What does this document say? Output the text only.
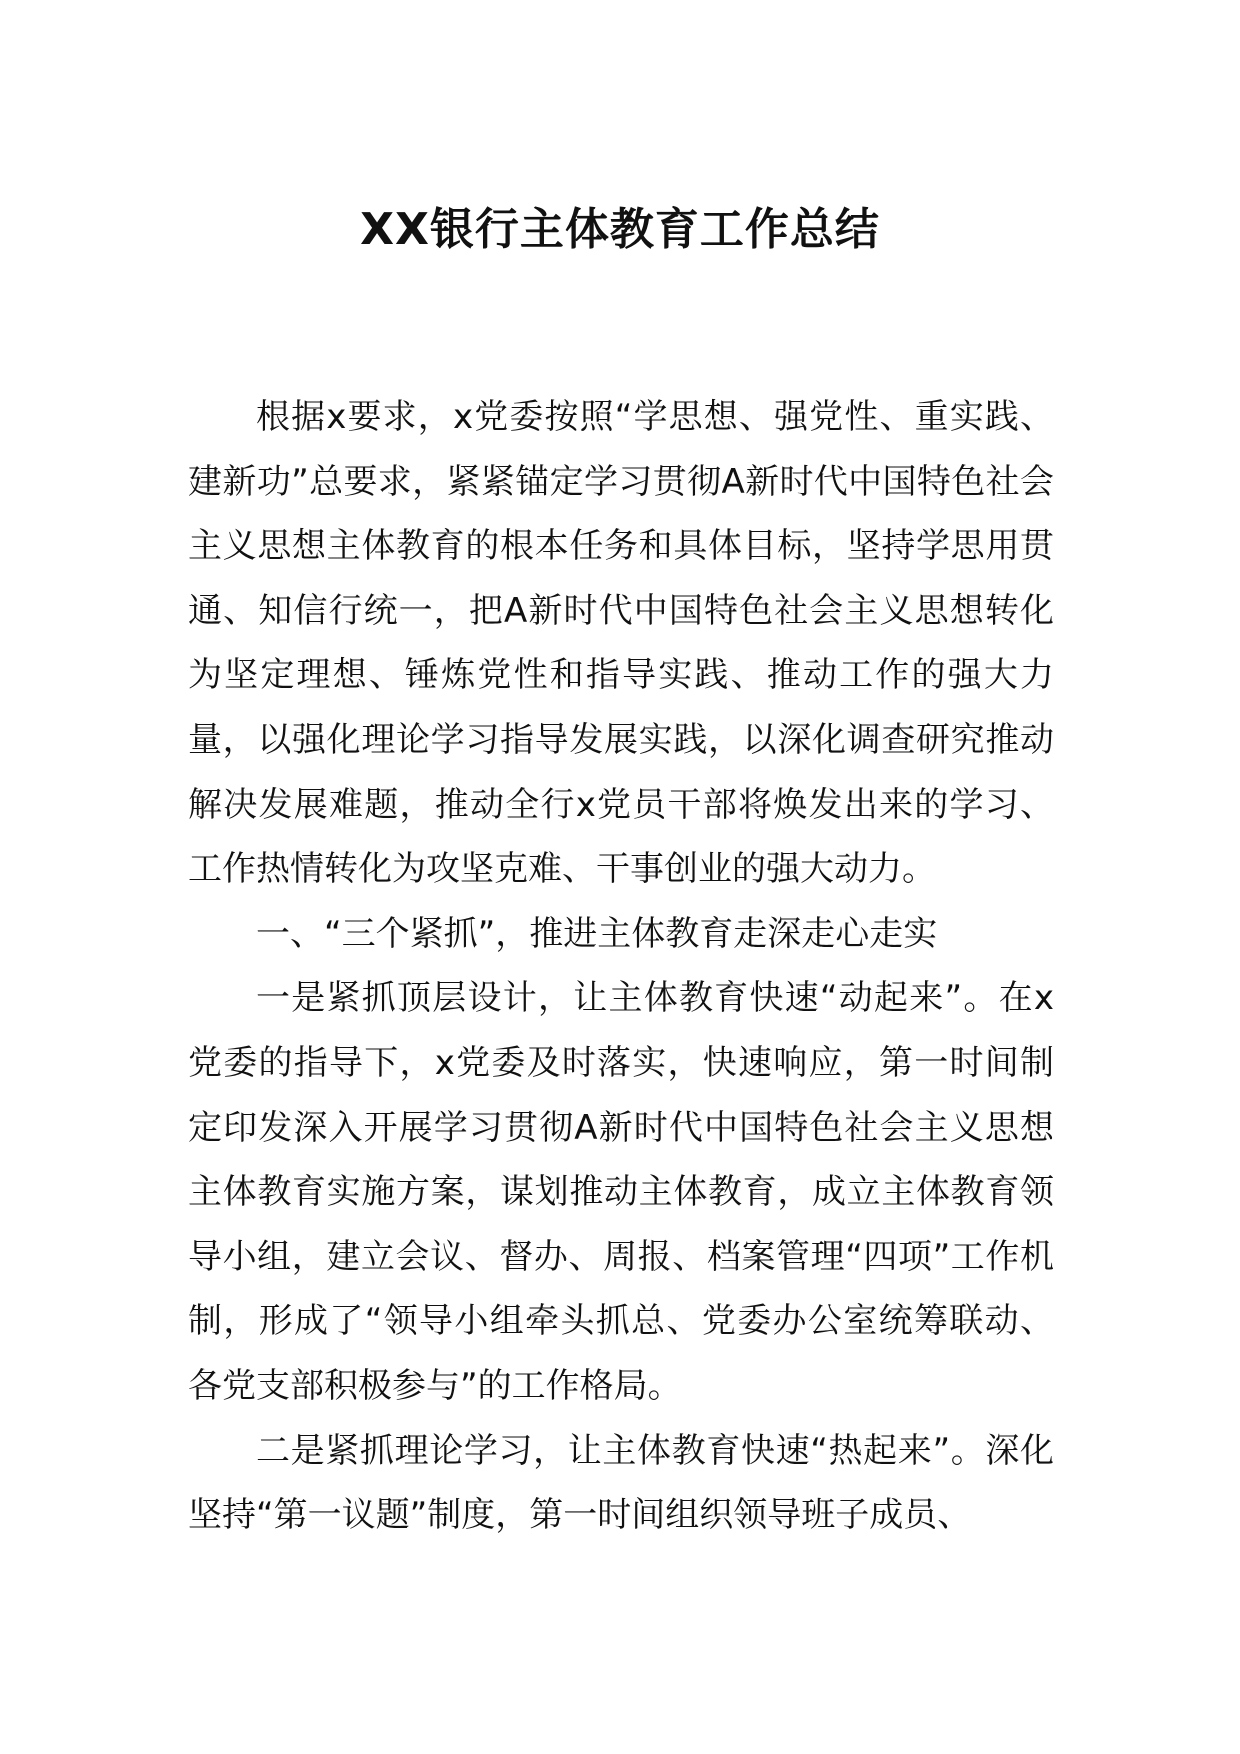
XX银行主体教育工作总结

根据x要求，x党委按照“学思想、强党性、重实践、建新功”总要求，紧紧锚定学习贯彻A新时代中国特色社会主义思想主体教育的根本任务和具体目标，坚持学思用贯通、知信行统一，把A新时代中国特色社会主义思想转化为坚定理想、锤炼党性和指导实践、推动工作的强大力量，以强化理论学习指导发展实践，以深化调查研究推动解决发展难题，推动全行x党员干部将焕发出来的学习、工作热情转化为攻坚克难、干事创业的强大动力。

一、“三个紧抓”，推进主体教育走深走心走实

一是紧抓顶层设计，让主体教育快速“动起来”。在x党委的指导下，x党委及时落实，快速响应，第一时间制定印发深入开展学习贯彻A新时代中国特色社会主义思想主体教育实施方案，谋划推动主体教育，成立主体教育领导小组，建立会议、督办、周报、档案管理“四项”工作机制，形成了“领导小组牵头抓总、党委办公室统筹联动、各党支部积极参与”的工作格局。

二是紧抓理论学习，让主体教育快速“热起来”。深化坚持“第一议题”制度，第一时间组织领导班子成员、
